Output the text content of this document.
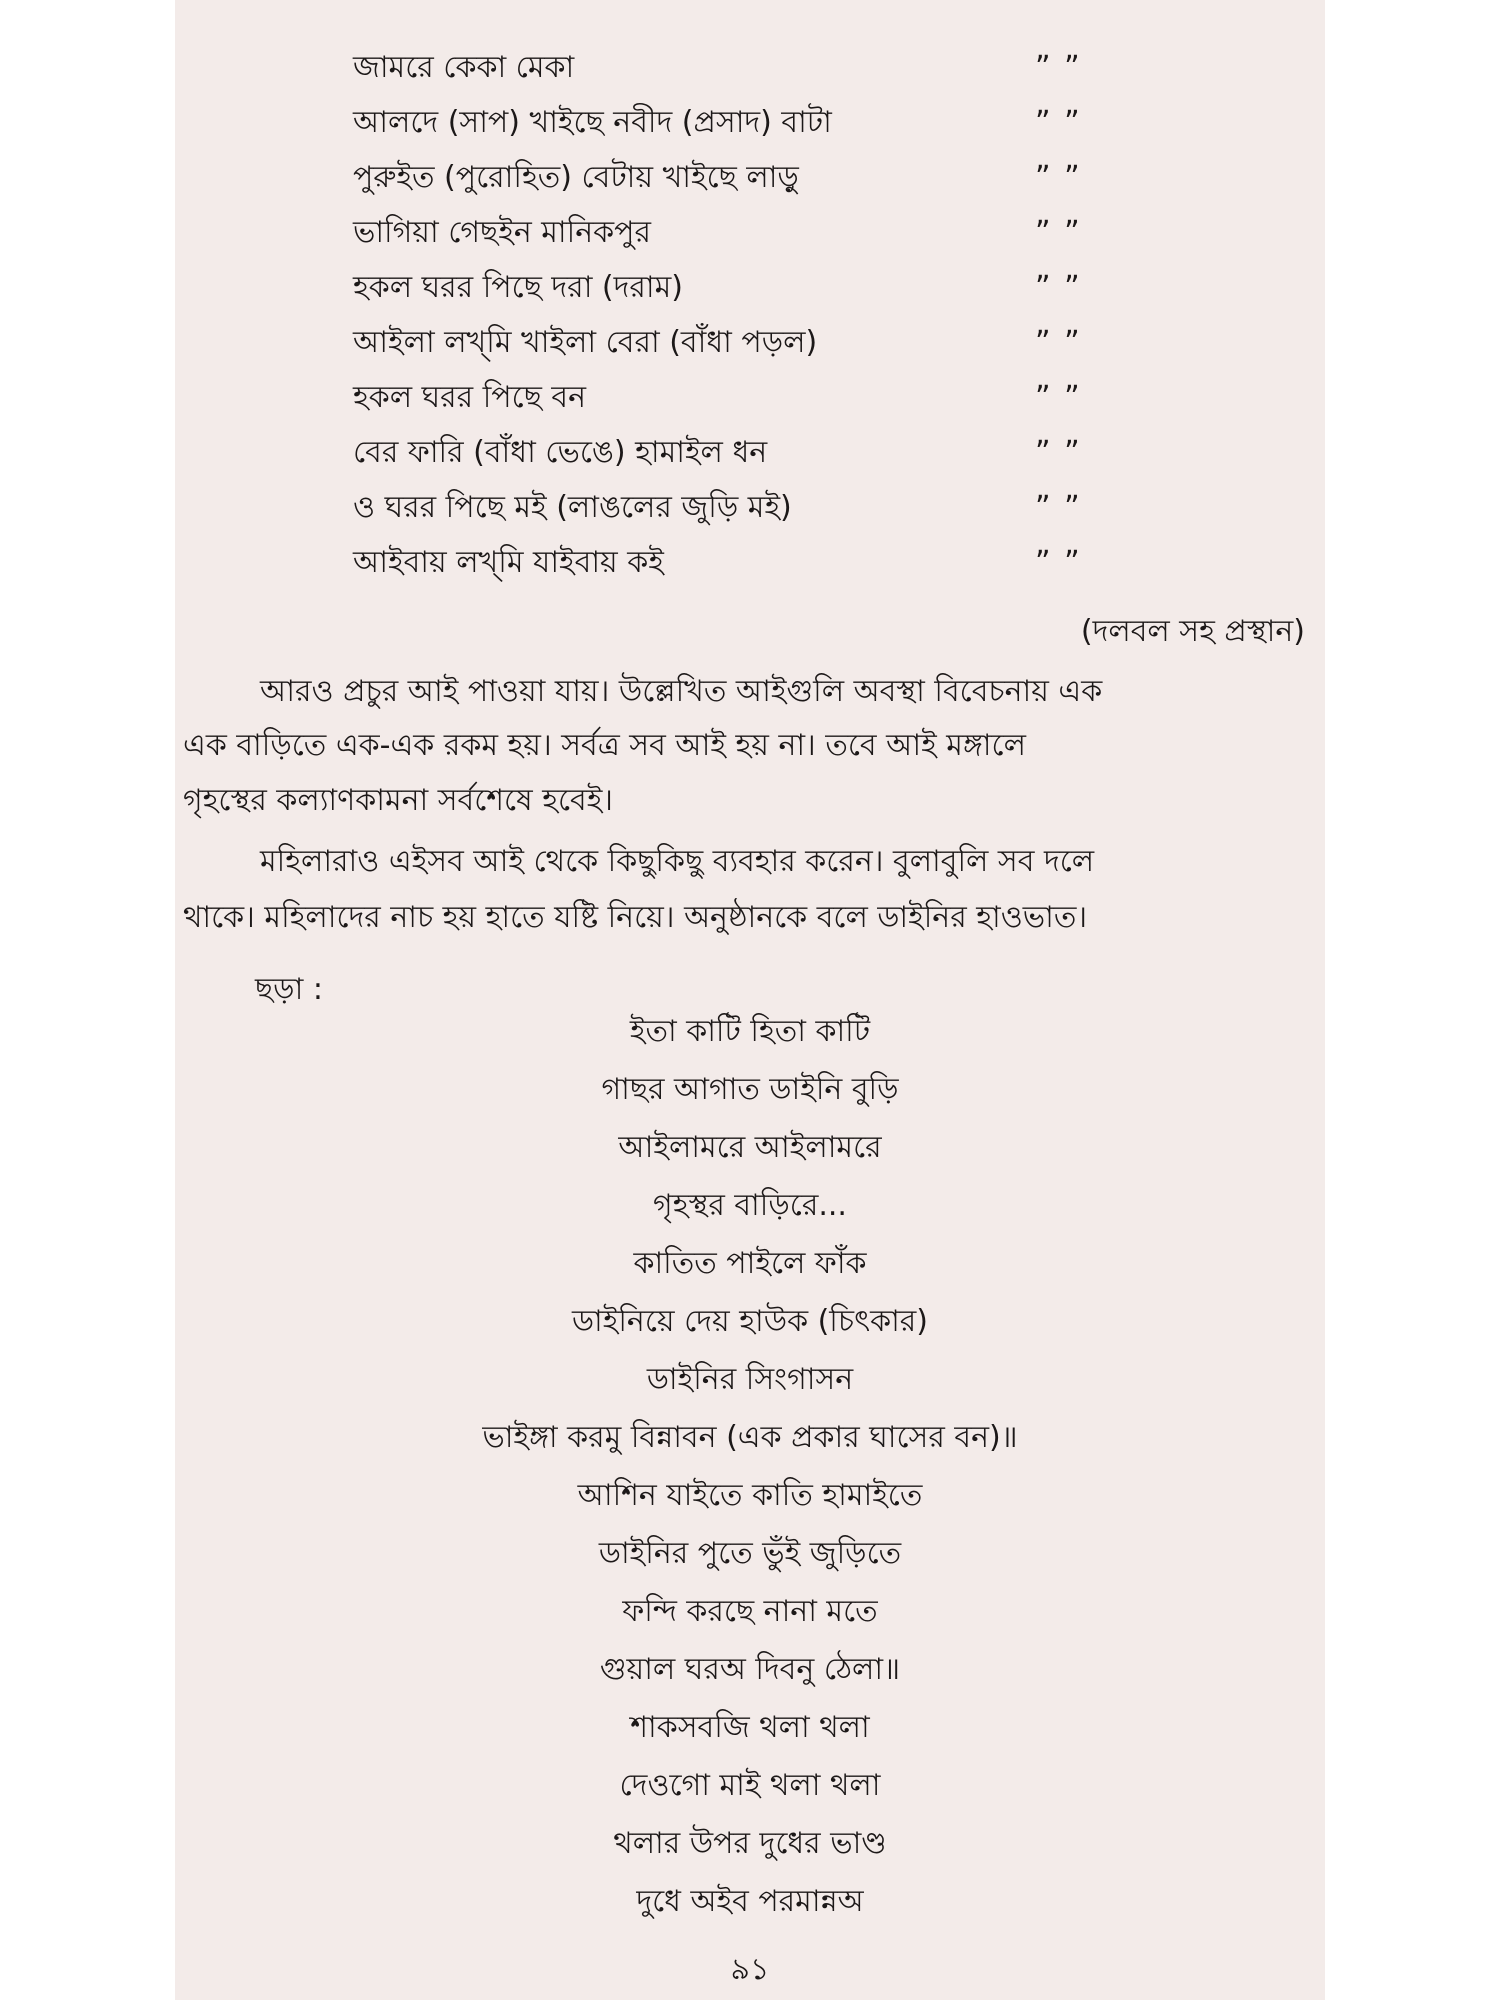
জামরে কেকা মেকা	” ”
আলদে (সাপ) খাইছে নবীদ (প্রসাদ) বাটা	” ”
পুরুইত (পুরোহিত) বেটায় খাইছে লাড়ু	” ”
ভাগিয়া গেছইন মানিকপুর	” ”
হকল ঘরর পিছে দরা (দরাম)	” ”
আইলা লখ্‌মি খাইলা বেরা (বাঁধা পড়ল)	” ”
হকল ঘরর পিছে বন	” ”
বের ফারি (বাঁধা ভেঙে) হামাইল ধন	” ”
ও ঘরর পিছে মই (লাঙলের জুড়ি মই)	” ”
আইবায় লখ্‌মি যাইবায় কই	” ”
(দলবল সহ প্রস্থান)
আরও প্রচুর আই পাওয়া যায়। উল্লেখিত আইগুলি অবস্থা বিবেচনায় এক
এক বাড়িতে এক-এক রকম হয়। সর্বত্র সব আই হয় না। তবে আই মঙ্গালে
গৃহস্থের কল্যাণকামনা সর্বশেষে হবেই।
মহিলারাও এইসব আই থেকে কিছুকিছু ব্যবহার করেন। বুলাবুলি সব দলে
থাকে। মহিলাদের নাচ হয় হাতে যষ্টি নিয়ে। অনুষ্ঠানকে বলে ডাইনির হাওভাত।
ছড়া :
ইতা কাটি হিতা কাটি
গাছর আগাত ডাইনি বুড়ি
আইলামরে আইলামরে
গৃহস্থর বাড়িরে...
কাতিত পাইলে ফাঁক
ডাইনিয়ে দেয় হাউক (চিৎকার)
ডাইনির সিংগাসন
ভাইঙ্গা করমু বিন্নাবন (এক প্রকার ঘাসের বন)॥
আশিন যাইতে কাতি হামাইতে
ডাইনির পুতে ভুঁই জুড়িতে
ফন্দি করছে নানা মতে
গুয়াল ঘরঅ দিবনু ঠেলা॥
শাকসবজি থলা থলা
দেওগো মাই থলা থলা
থলার উপর দুধের ভাণ্ড
দুধে অইব পরমান্নঅ
৯১
